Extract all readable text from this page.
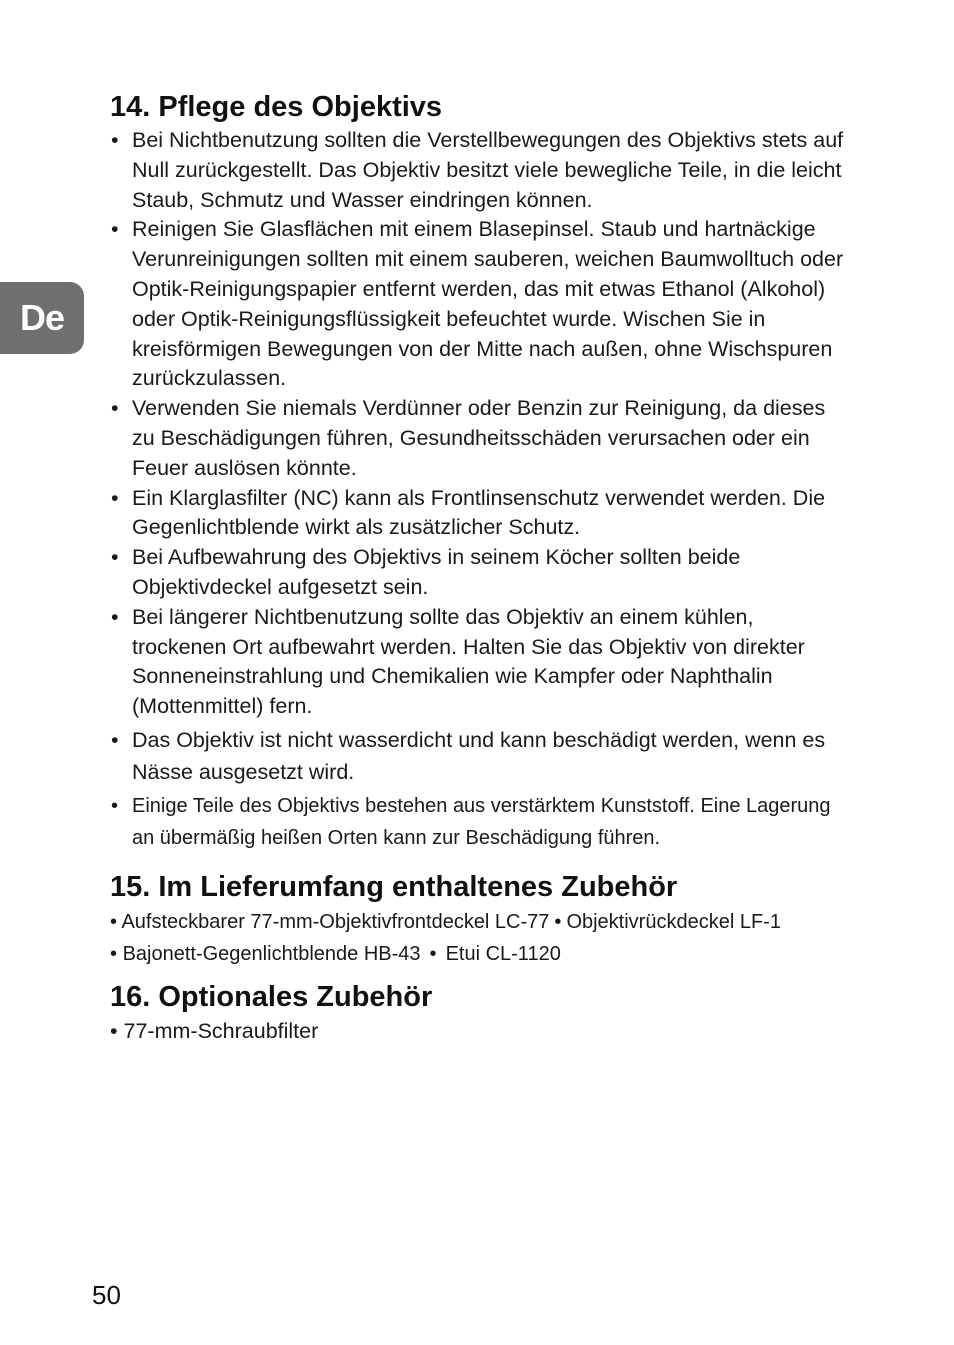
De
14. Pflege des Objektivs
• Bei Nichtbenutzung sollten die Verstellbewegungen des Objektivs stets auf Null zurückgestellt. Das Objektiv besitzt viele bewegliche Teile, in die leicht Staub, Schmutz und Wasser eindringen können.
• Reinigen Sie Glasflächen mit einem Blasepinsel. Staub und hartnäckige Verunreinigungen sollten mit einem sauberen, weichen Baumwolltuch oder Optik-Reinigungspapier entfernt werden, das mit etwas Ethanol (Alkohol) oder Optik-Reinigungsflüssigkeit befeuchtet wurde. Wischen Sie in kreisförmigen Bewegungen von der Mitte nach außen, ohne Wischspuren zurückzulassen.
• Verwenden Sie niemals Verdünner oder Benzin zur Reinigung, da dieses zu Beschädigungen führen, Gesundheitsschäden verursachen oder ein Feuer auslösen könnte.
• Ein Klarglasfilter (NC) kann als Frontlinsenschutz verwendet werden. Die Gegenlichtblende wirkt als zusätzlicher Schutz.
• Bei Aufbewahrung des Objektivs in seinem Köcher sollten beide Objektivdeckel aufgesetzt sein.
• Bei längerer Nichtbenutzung sollte das Objektiv an einem kühlen, trockenen Ort aufbewahrt werden. Halten Sie das Objektiv von direkter Sonneneinstrahlung und Chemikalien wie Kampfer oder Naphthalin (Mottenmittel) fern.
• Das Objektiv ist nicht wasserdicht und kann beschädigt werden, wenn es Nässe ausgesetzt wird.
• Einige Teile des Objektivs bestehen aus verstärktem Kunststoff. Eine Lagerung an übermäßig heißen Orten kann zur Beschädigung führen.
15. Im Lieferumfang enthaltenes Zubehör
• Aufsteckbarer 77-mm-Objektivfrontdeckel LC-77 • Objektivrückdeckel LF-1
• Bajonett-Gegenlichtblende HB-43 • Etui CL-1120
16. Optionales Zubehör
• 77-mm-Schraubfilter
50
